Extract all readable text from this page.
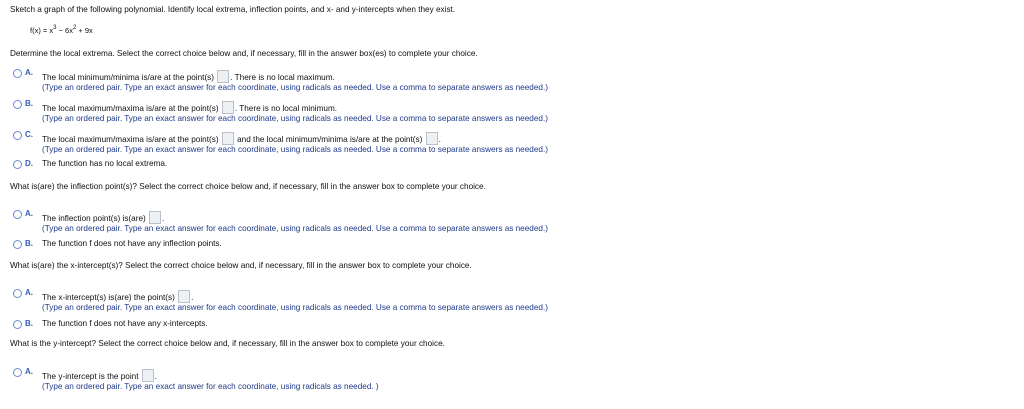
Sketch a graph of the following polynomial. Identify local extrema, inflection points, and x- and y-intercepts when they exist.
$f(x) = x^3 - 6x^2 + 9x$
Determine the local extrema. Select the correct choice below and, if necessary, fill in the answer box(es) to complete your choice.
A.
The local minimum/minima is/are at the point(s) . There is no local maximum.
(Type an ordered pair. Type an exact answer for each coordinate, using radicals as needed. Use a comma to separate answers as needed.)
B.
The local maximum/maxima is/are at the point(s) . There is no local minimum.
(Type an ordered pair. Type an exact answer for each coordinate, using radicals as needed. Use a comma to separate answers as needed.)
C.
The local maximum/maxima is/are at the point(s) and the local minimum/minima is/are at the point(s) .
(Type an ordered pair. Type an exact answer for each coordinate, using radicals as needed. Use a comma to separate answers as needed.)
D. The function has no local extrema.
What is(are) the inflection point(s)? Select the correct choice below and, if necessary, fill in the answer box to complete your choice.
A.
The inflection point(s) is(are) .
(Type an ordered pair. Type an exact answer for each coordinate, using radicals as needed. Use a comma to separate answers as needed.)
B. The function f does not have any inflection points.
What is(are) the x-intercept(s)? Select the correct choice below and, if necessary, fill in the answer box to complete your choice.
A.
The x-intercept(s) is(are) the point(s) .
(Type an ordered pair. Type an exact answer for each coordinate, using radicals as needed. Use a comma to separate answers as needed.)
B. The function f does not have any x-intercepts.
What is the y-intercept? Select the correct choice below and, if necessary, fill in the answer box to complete your choice.
A.
The y-intercept is the point .
(Type an ordered pair. Type an exact answer for each coordinate, using radicals as needed. )
